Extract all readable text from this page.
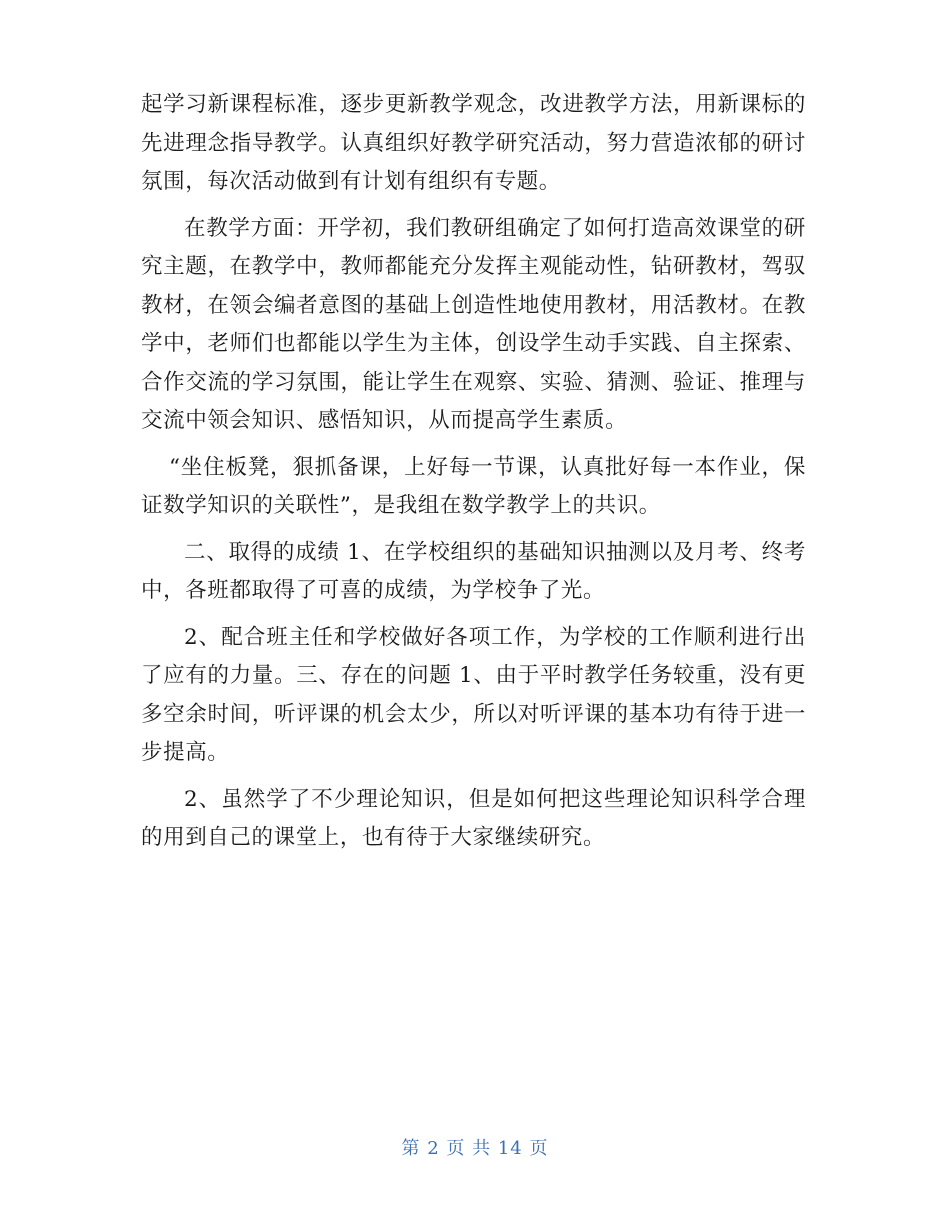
起学习新课程标准，逐步更新教学观念，改进教学方法，用新课标的先进理念指导教学。认真组织好教学研究活动，努力营造浓郁的研讨氛围，每次活动做到有计划有组织有专题。

在教学方面：开学初，我们教研组确定了如何打造高效课堂的研究主题，在教学中，教师都能充分发挥主观能动性，钻研教材，驾驭教材，在领会编者意图的基础上创造性地使用教材，用活教材。在教学中，老师们也都能以学生为主体，创设学生动手实践、自主探索、合作交流的学习氛围，能让学生在观察、实验、猜测、验证、推理与交流中领会知识、感悟知识，从而提高学生素质。

“坐住板凳，狠抓备课，上好每一节课，认真批好每一本作业，保证数学知识的关联性”，是我组在数学教学上的共识。

二、取得的成绩 1、在学校组织的基础知识抽测以及月考、终考中，各班都取得了可喜的成绩，为学校争了光。

2、配合班主任和学校做好各项工作，为学校的工作顺利进行出了应有的力量。三、存在的问题 1、由于平时教学任务较重，没有更多空余时间，听评课的机会太少，所以对听评课的基本功有待于进一步提高。

2、虽然学了不少理论知识，但是如何把这些理论知识科学合理的用到自己的课堂上，也有待于大家继续研究。

第 2 页 共 14 页
